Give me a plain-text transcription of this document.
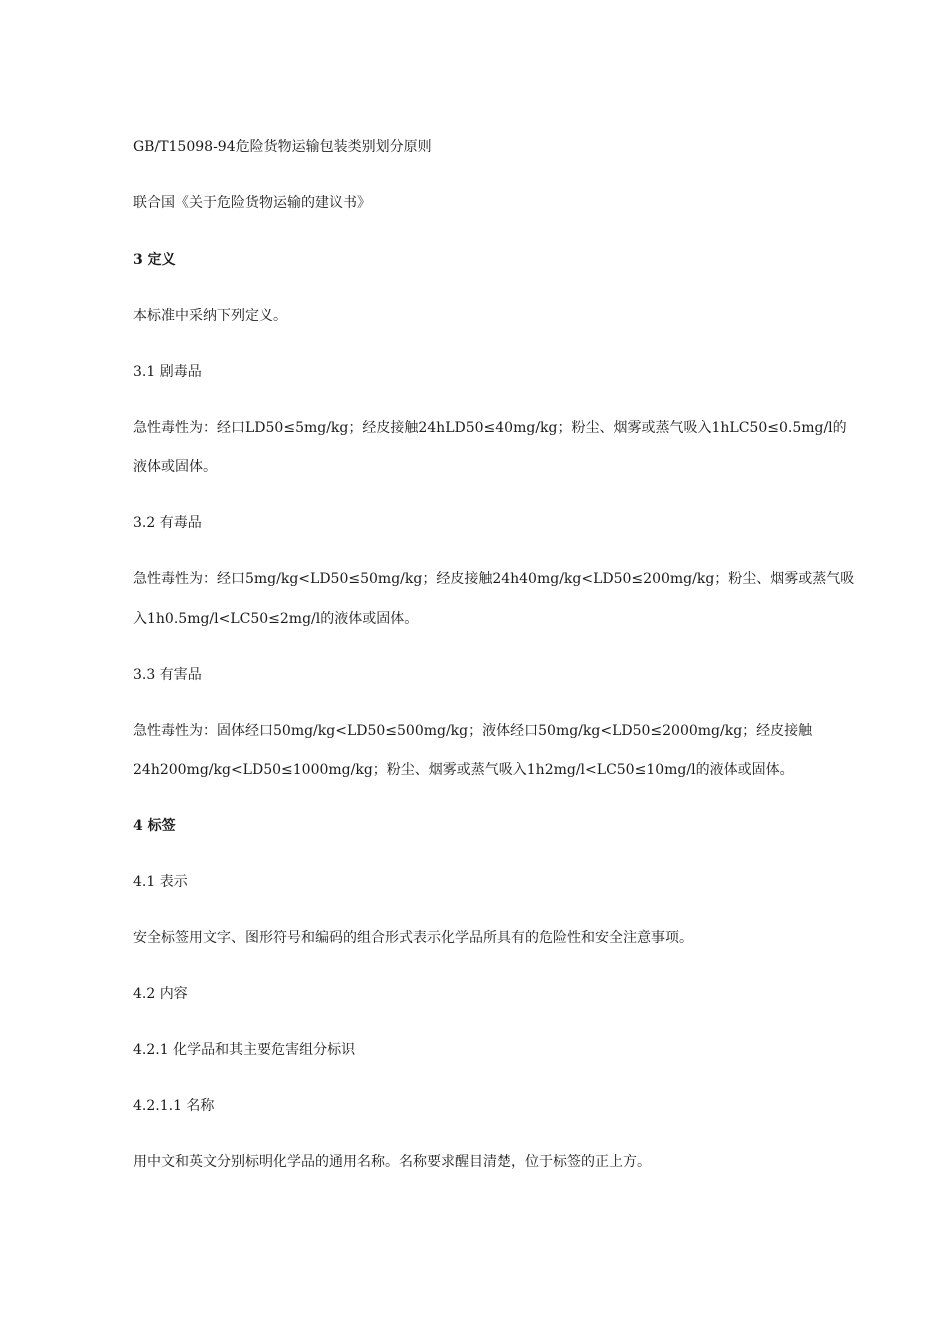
GB/T15098-94危险货物运输包装类别划分原则
联合国《关于危险货物运输的建议书》
3 定义
本标准中采纳下列定义。
3.1 剧毒品
急性毒性为：经口LD50≤5mg/kg；经皮接触24hLD50≤40mg/kg；粉尘、烟雾或蒸气吸入1hLC50≤0.5mg/l的
液体或固体。
3.2 有毒品
急性毒性为：经口5mg/kg<LD50≤50mg/kg；经皮接触24h40mg/kg<LD50≤200mg/kg；粉尘、烟雾或蒸气吸
入1h0.5mg/l<LC50≤2mg/l的液体或固体。
3.3 有害品
急性毒性为：固体经口50mg/kg<LD50≤500mg/kg；液体经口50mg/kg<LD50≤2000mg/kg；经皮接触
24h200mg/kg<LD50≤1000mg/kg；粉尘、烟雾或蒸气吸入1h2mg/l<LC50≤10mg/l的液体或固体。
4 标签
4.1 表示
安全标签用文字、图形符号和编码的组合形式表示化学品所具有的危险性和安全注意事项。
4.2 内容
4.2.1 化学品和其主要危害组分标识
4.2.1.1 名称
用中文和英文分别标明化学品的通用名称。名称要求醒目清楚，位于标签的正上方。
